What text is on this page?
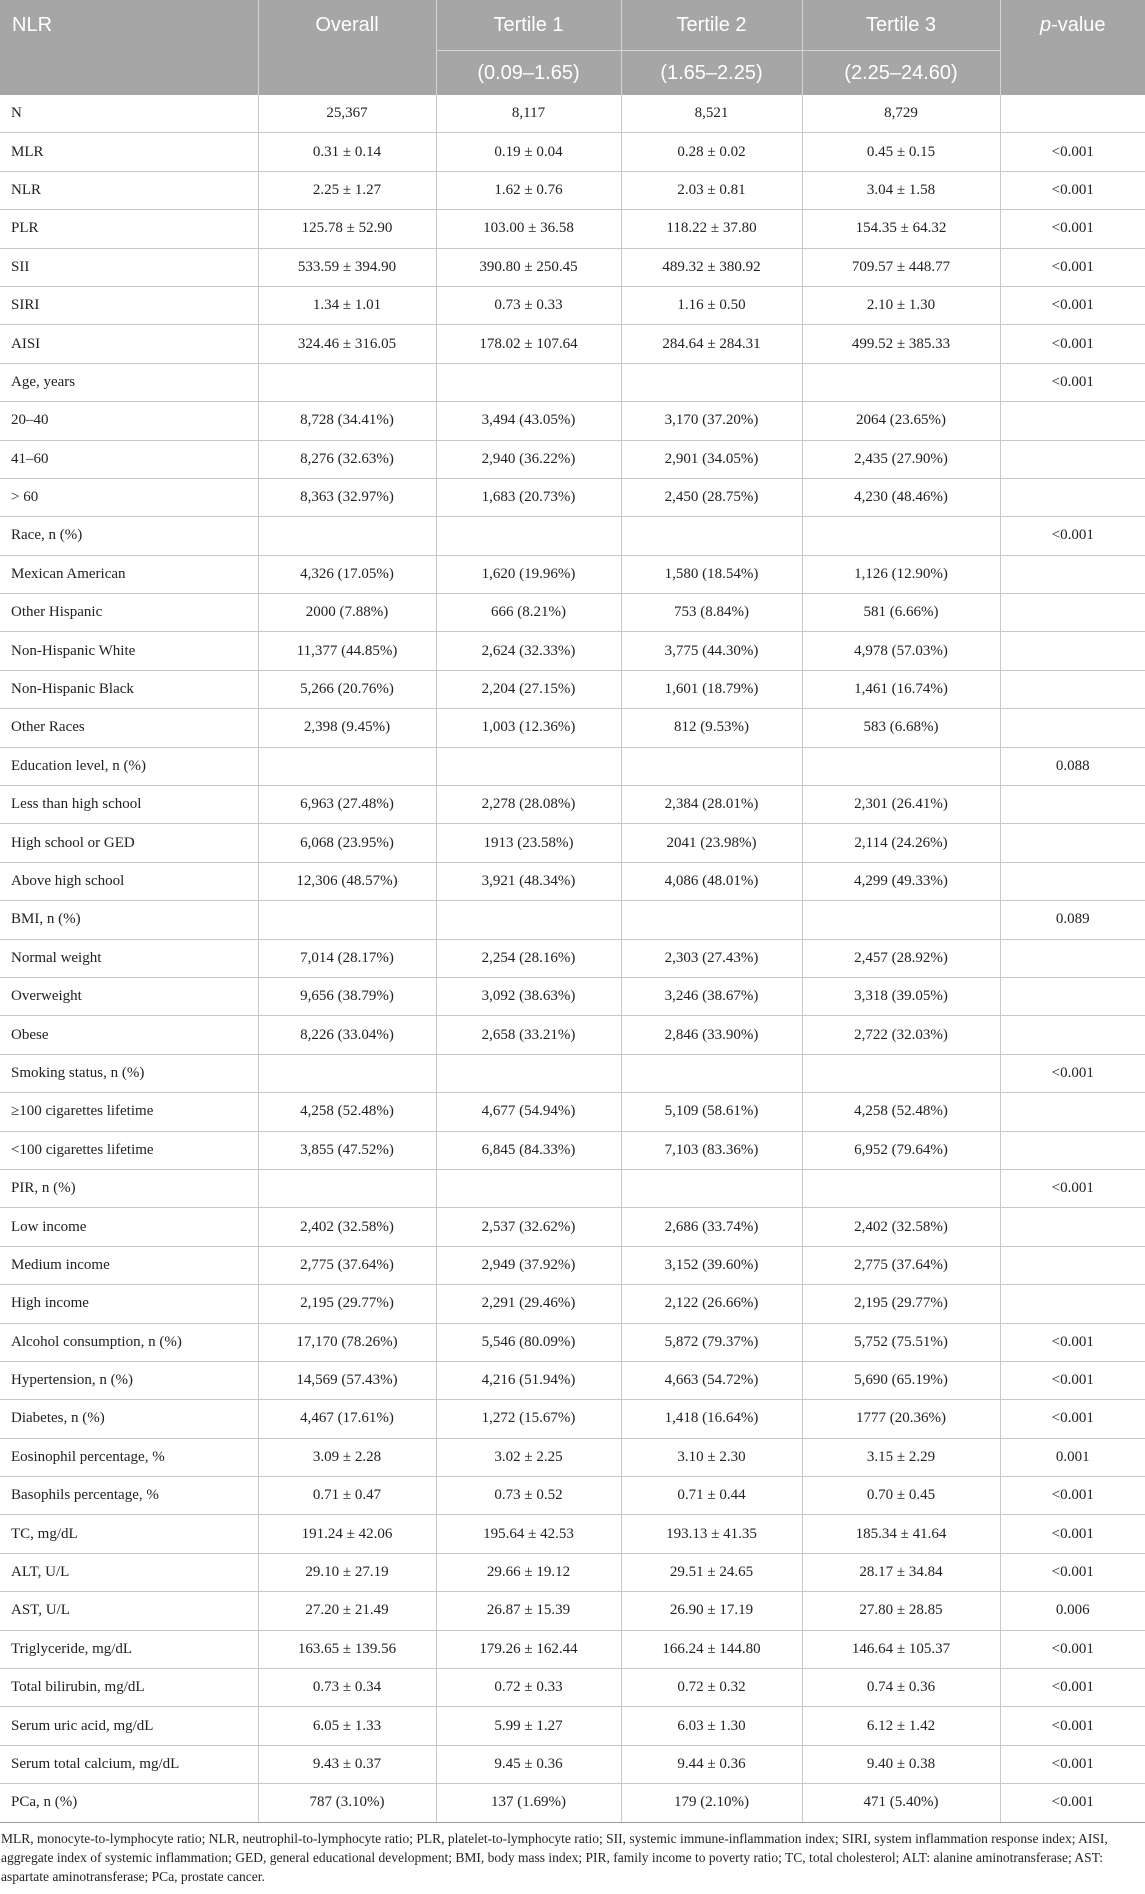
NLR	Overall	Tertile 1	Tertile 2	Tertile 3	p-value
		(0.09–1.65)	(1.65–2.25)	(2.25–24.60)	
N	25,367	8,117	8,521	8,729	
MLR	0.31 ± 0.14	0.19 ± 0.04	0.28 ± 0.02	0.45 ± 0.15	<0.001
NLR	2.25 ± 1.27	1.62 ± 0.76	2.03 ± 0.81	3.04 ± 1.58	<0.001
PLR	125.78 ± 52.90	103.00 ± 36.58	118.22 ± 37.80	154.35 ± 64.32	<0.001
SII	533.59 ± 394.90	390.80 ± 250.45	489.32 ± 380.92	709.57 ± 448.77	<0.001
SIRI	1.34 ± 1.01	0.73 ± 0.33	1.16 ± 0.50	2.10 ± 1.30	<0.001
AISI	324.46 ± 316.05	178.02 ± 107.64	284.64 ± 284.31	499.52 ± 385.33	<0.001
Age, years					<0.001
20–40	8,728 (34.41%)	3,494 (43.05%)	3,170 (37.20%)	2064 (23.65%)	
41–60	8,276 (32.63%)	2,940 (36.22%)	2,901 (34.05%)	2,435 (27.90%)	
> 60	8,363 (32.97%)	1,683 (20.73%)	2,450 (28.75%)	4,230 (48.46%)	
Race, n (%)					<0.001
Mexican American	4,326 (17.05%)	1,620 (19.96%)	1,580 (18.54%)	1,126 (12.90%)	
Other Hispanic	2000 (7.88%)	666 (8.21%)	753 (8.84%)	581 (6.66%)	
Non-Hispanic White	11,377 (44.85%)	2,624 (32.33%)	3,775 (44.30%)	4,978 (57.03%)	
Non-Hispanic Black	5,266 (20.76%)	2,204 (27.15%)	1,601 (18.79%)	1,461 (16.74%)	
Other Races	2,398 (9.45%)	1,003 (12.36%)	812 (9.53%)	583 (6.68%)	
Education level, n (%)					0.088
Less than high school	6,963 (27.48%)	2,278 (28.08%)	2,384 (28.01%)	2,301 (26.41%)	
High school or GED	6,068 (23.95%)	1913 (23.58%)	2041 (23.98%)	2,114 (24.26%)	
Above high school	12,306 (48.57%)	3,921 (48.34%)	4,086 (48.01%)	4,299 (49.33%)	
BMI, n (%)					0.089
Normal weight	7,014 (28.17%)	2,254 (28.16%)	2,303 (27.43%)	2,457 (28.92%)	
Overweight	9,656 (38.79%)	3,092 (38.63%)	3,246 (38.67%)	3,318 (39.05%)	
Obese	8,226 (33.04%)	2,658 (33.21%)	2,846 (33.90%)	2,722 (32.03%)	
Smoking status, n (%)					<0.001
≥100 cigarettes lifetime	4,258 (52.48%)	4,677 (54.94%)	5,109 (58.61%)	4,258 (52.48%)	
<100 cigarettes lifetime	3,855 (47.52%)	6,845 (84.33%)	7,103 (83.36%)	6,952 (79.64%)	
PIR, n (%)					<0.001
Low income	2,402 (32.58%)	2,537 (32.62%)	2,686 (33.74%)	2,402 (32.58%)	
Medium income	2,775 (37.64%)	2,949 (37.92%)	3,152 (39.60%)	2,775 (37.64%)	
High income	2,195 (29.77%)	2,291 (29.46%)	2,122 (26.66%)	2,195 (29.77%)	
Alcohol consumption, n (%)	17,170 (78.26%)	5,546 (80.09%)	5,872 (79.37%)	5,752 (75.51%)	<0.001
Hypertension, n (%)	14,569 (57.43%)	4,216 (51.94%)	4,663 (54.72%)	5,690 (65.19%)	<0.001
Diabetes, n (%)	4,467 (17.61%)	1,272 (15.67%)	1,418 (16.64%)	1777 (20.36%)	<0.001
Eosinophil percentage, %	3.09 ± 2.28	3.02 ± 2.25	3.10 ± 2.30	3.15 ± 2.29	0.001
Basophils percentage, %	0.71 ± 0.47	0.73 ± 0.52	0.71 ± 0.44	0.70 ± 0.45	<0.001
TC, mg/dL	191.24 ± 42.06	195.64 ± 42.53	193.13 ± 41.35	185.34 ± 41.64	<0.001
ALT, U/L	29.10 ± 27.19	29.66 ± 19.12	29.51 ± 24.65	28.17 ± 34.84	<0.001
AST, U/L	27.20 ± 21.49	26.87 ± 15.39	26.90 ± 17.19	27.80 ± 28.85	0.006
Triglyceride, mg/dL	163.65 ± 139.56	179.26 ± 162.44	166.24 ± 144.80	146.64 ± 105.37	<0.001
Total bilirubin, mg/dL	0.73 ± 0.34	0.72 ± 0.33	0.72 ± 0.32	0.74 ± 0.36	<0.001
Serum uric acid, mg/dL	6.05 ± 1.33	5.99 ± 1.27	6.03 ± 1.30	6.12 ± 1.42	<0.001
Serum total calcium, mg/dL	9.43 ± 0.37	9.45 ± 0.36	9.44 ± 0.36	9.40 ± 0.38	<0.001
PCa, n (%)	787 (3.10%)	137 (1.69%)	179 (2.10%)	471 (5.40%)	<0.001
MLR, monocyte-to-lymphocyte ratio; NLR, neutrophil-to-lymphocyte ratio; PLR, platelet-to-lymphocyte ratio; SII, systemic immune-inflammation index; SIRI, system inflammation response index; AISI, aggregate index of systemic inflammation; GED, general educational development; BMI, body mass index; PIR, family income to poverty ratio; TC, total cholesterol; ALT: alanine aminotransferase; AST: aspartate aminotransferase; PCa, prostate cancer.
